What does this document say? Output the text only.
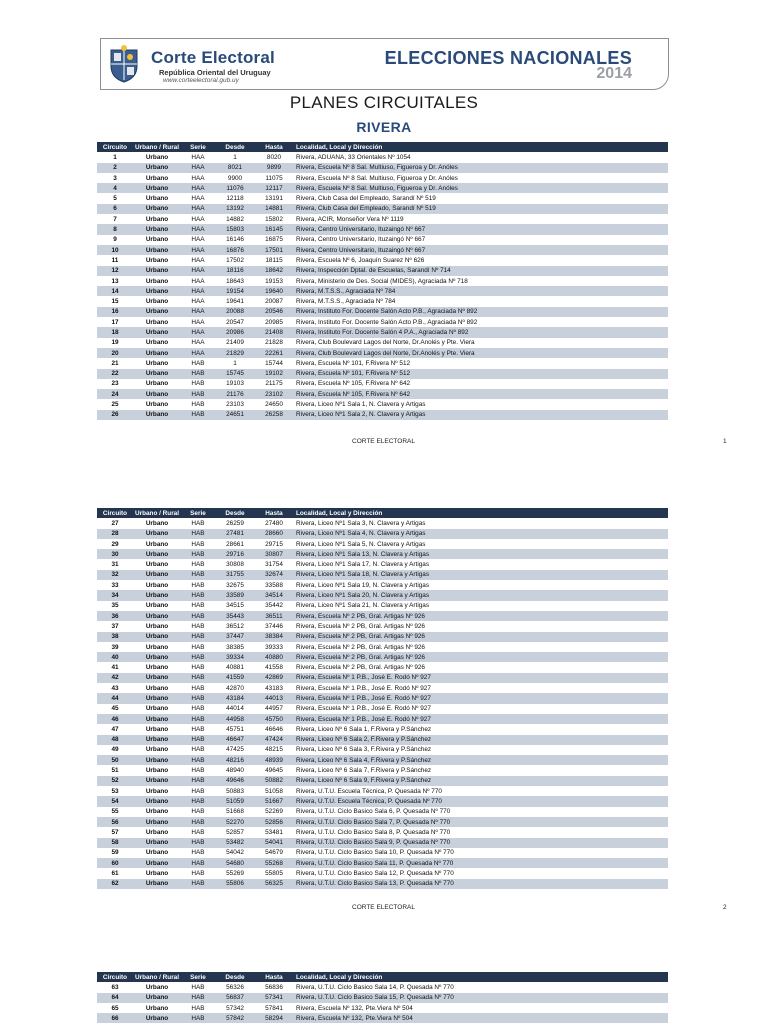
Corte Electoral
República Oriental del Uruguay
www.corteelectoral.gub.uy
ELECCIONES NACIONALES
2014
PLANES CIRCUITALES
RIVERA
Circuito	Urbano / Rural	Serie	Desde	Hasta	Localidad, Local y Dirección
1	Urbano	HAA	1	8020	Rivera, ADUANA, 33 Orientales Nº 1054
2	Urbano	HAA	8021	9899	Rivera, Escuela Nº 8 Sal. Multiuso, Figueroa y Dr. Anóles
3	Urbano	HAA	9900	11075	Rivera, Escuela Nº 8 Sal. Multiuso, Figueroa y Dr. Anóles
4	Urbano	HAA	11076	12117	Rivera, Escuela Nº 8 Sal. Multiuso, Figueroa y Dr. Anóles
5	Urbano	HAA	12118	13191	Rivera, Club Casa del Empleado, Sarandí Nº 519
6	Urbano	HAA	13192	14881	Rivera, Club Casa del Empleado, Sarandí Nº 519
7	Urbano	HAA	14882	15802	Rivera, ACIR, Monseñor Vera Nº 1119
8	Urbano	HAA	15803	16145	Rivera, Centro Universitario, Ituzaingó Nº 667
9	Urbano	HAA	16146	16875	Rivera, Centro Universitario, Ituzaingó Nº 667
10	Urbano	HAA	16876	17501	Rivera, Centro Universitario, Ituzaingó Nº 667
11	Urbano	HAA	17502	18115	Rivera, Escuela Nº 6, Joaquín Suarez Nº 626
12	Urbano	HAA	18116	18642	Rivera, Inspección Dptal. de Escuelas, Sarandí Nº 714
13	Urbano	HAA	18643	19153	Rivera, Ministerio de Des. Social (MIDES), Agraciada Nº 718
14	Urbano	HAA	19154	19640	Rivera, M.T.S.S., Agraciada Nº 784
15	Urbano	HAA	19641	20087	Rivera, M.T.S.S., Agraciada Nº 784
16	Urbano	HAA	20088	20546	Rivera, Instituto For. Docente Salón Acto P.B., Agraciada Nº 892
17	Urbano	HAA	20547	20985	Rivera, Instituto For. Docente Salón Acto P.B., Agraciada Nº 892
18	Urbano	HAA	20986	21408	Rivera, Instituto For. Docente Salón 4 P.A., Agraciada Nº 892
19	Urbano	HAA	21409	21828	Rivera, Club Boulevard Lagos del Norte, Dr.Anolés y Pte. Viera
20	Urbano	HAA	21829	22261	Rivera, Club Boulevard Lagos del Norte, Dr.Anolés y Pte. Viera
21	Urbano	HAB	1	15744	Rivera, Escuela Nº 101, F.Rivera Nº 512
22	Urbano	HAB	15745	19102	Rivera, Escuela Nº 101, F.Rivera Nº 512
23	Urbano	HAB	19103	21175	Rivera, Escuela Nº 105, F.Rivera Nº 642
24	Urbano	HAB	21176	23102	Rivera, Escuela Nº 105, F.Rivera Nº 642
25	Urbano	HAB	23103	24650	Rivera, Liceo Nº1 Sala 1, N. Clavera y Artigas
26	Urbano	HAB	24651	26258	Rivera, Liceo Nº1 Sala 2, N. Clavera y Artigas
CORTE ELECTORAL	1
Circuito	Urbano / Rural	Serie	Desde	Hasta	Localidad, Local y Dirección
27	Urbano	HAB	26259	27480	Rivera, Liceo Nº1 Sala 3, N. Clavera y Artigas
28	Urbano	HAB	27481	28660	Rivera, Liceo Nº1 Sala 4, N. Clavera y Artigas
29	Urbano	HAB	28661	29715	Rivera, Liceo Nº1 Sala 5, N. Clavera y Artigas
30	Urbano	HAB	29716	30807	Rivera, Liceo Nº1 Sala 13, N. Clavera y Artigas
31	Urbano	HAB	30808	31754	Rivera, Liceo Nº1 Sala 17, N. Clavera y Artigas
32	Urbano	HAB	31755	32674	Rivera, Liceo Nº1 Sala 18, N. Clavera y Artigas
33	Urbano	HAB	32675	33588	Rivera, Liceo Nº1 Sala 19, N. Clavera y Artigas
34	Urbano	HAB	33589	34514	Rivera, Liceo Nº1 Sala 20, N. Clavera y Artigas
35	Urbano	HAB	34515	35442	Rivera, Liceo Nº1 Sala 21, N. Clavera y Artigas
36	Urbano	HAB	35443	36511	Rivera, Escuela Nº 2 PB, Gral. Artigas Nº 926
37	Urbano	HAB	36512	37446	Rivera, Escuela Nº 2 PB, Gral. Artigas Nº 926
38	Urbano	HAB	37447	38384	Rivera, Escuela Nº 2 PB, Gral. Artigas Nº 926
39	Urbano	HAB	38385	39333	Rivera, Escuela Nº 2 PB, Gral. Artigas Nº 926
40	Urbano	HAB	39334	40880	Rivera, Escuela Nº 2 PB, Gral. Artigas Nº 926
41	Urbano	HAB	40881	41558	Rivera, Escuela Nº 2 PB, Gral. Artigas Nº 926
42	Urbano	HAB	41559	42869	Rivera, Escuela Nº 1 P.B., José E. Rodó Nº 927
43	Urbano	HAB	42870	43183	Rivera, Escuela Nº 1 P.B., José E. Rodó Nº 927
44	Urbano	HAB	43184	44013	Rivera, Escuela Nº 1 P.B., José E. Rodó Nº 927
45	Urbano	HAB	44014	44957	Rivera, Escuela Nº 1 P.B., José E. Rodó Nº 927
46	Urbano	HAB	44958	45750	Rivera, Escuela Nº 1 P.B., José E. Rodó Nº 927
47	Urbano	HAB	45751	46646	Rivera, Liceo Nº 6 Sala 1, F.Rivera y P.Sánchez
48	Urbano	HAB	46647	47424	Rivera, Liceo Nº 6 Sala 2, F.Rivera y P.Sánchez
49	Urbano	HAB	47425	48215	Rivera, Liceo Nº 6 Sala 3, F.Rivera y P.Sánchez
50	Urbano	HAB	48216	48939	Rivera, Liceo Nº 6 Sala 4, F.Rivera y P.Sánchez
51	Urbano	HAB	48940	49645	Rivera, Liceo Nº 6 Sala 7, F.Rivera y P.Sánchez
52	Urbano	HAB	49646	50882	Rivera, Liceo Nº 6 Sala 9, F.Rivera y P.Sánchez
53	Urbano	HAB	50883	51058	Rivera, U.T.U. Escuela Técnica, P. Quesada Nº 770
54	Urbano	HAB	51059	51667	Rivera, U.T.U. Escuela Técnica, P. Quesada Nº 770
55	Urbano	HAB	51668	52269	Rivera, U.T.U. Ciclo Basico Sala 6, P. Quesada Nº 770
56	Urbano	HAB	52270	52856	Rivera, U.T.U. Ciclo Basico Sala 7, P. Quesada Nº 770
57	Urbano	HAB	52857	53481	Rivera, U.T.U. Ciclo Basico Sala 8, P. Quesada Nº 770
58	Urbano	HAB	53482	54041	Rivera, U.T.U. Ciclo Basico Sala 9, P. Quesada Nº 770
59	Urbano	HAB	54042	54679	Rivera, U.T.U. Ciclo Basico Sala 10, P. Quesada Nº 770
60	Urbano	HAB	54680	55268	Rivera, U.T.U. Ciclo Basico Sala 11, P. Quesada Nº 770
61	Urbano	HAB	55269	55805	Rivera, U.T.U. Ciclo Basico Sala 12, P. Quesada Nº 770
62	Urbano	HAB	55806	56325	Rivera, U.T.U. Ciclo Basico Sala 13, P. Quesada Nº 770
CORTE ELECTORAL	2
Circuito	Urbano / Rural	Serie	Desde	Hasta	Localidad, Local y Dirección
63	Urbano	HAB	56326	56836	Rivera, U.T.U. Ciclo Basico Sala 14, P. Quesada Nº 770
64	Urbano	HAB	56837	57341	Rivera, U.T.U. Ciclo Basico Sala 15, P. Quesada Nº 770
65	Urbano	HAB	57342	57841	Rivera, Escuela Nº 132, Pte.Viera Nº 504
66	Urbano	HAB	57842	58294	Rivera, Escuela Nº 132, Pte.Viera Nº 504
